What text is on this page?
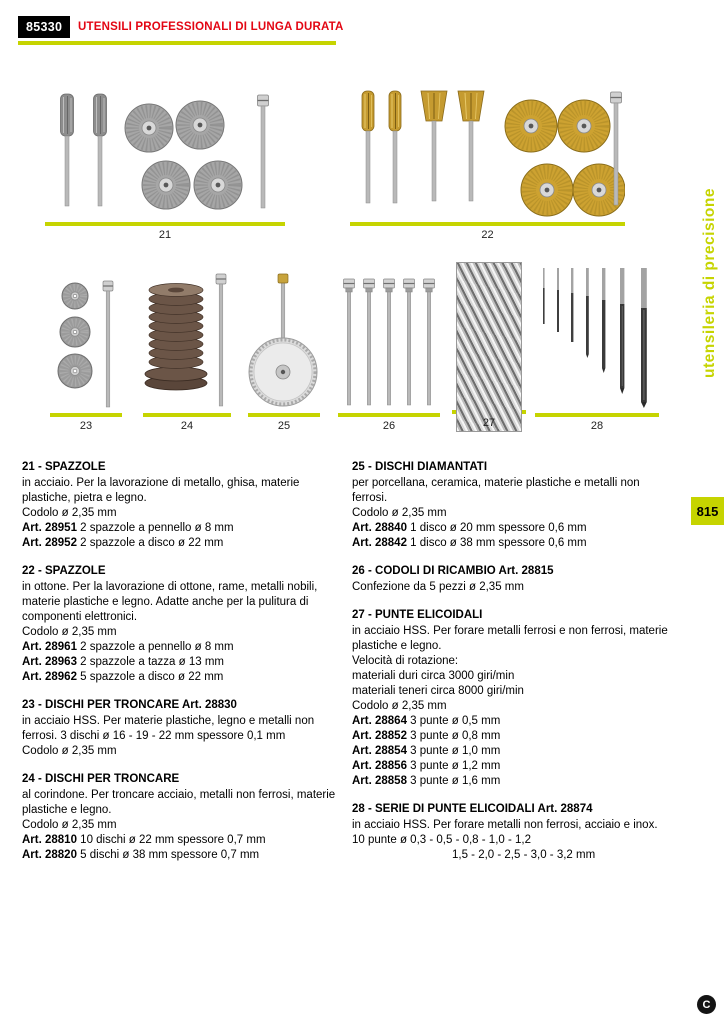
85330	UTENSILI PROFESSIONALI DI LUNGA DURATA
utensileria di precisione
815
21	22
23	24	25	26	27	28
21 - SPAZZOLE
in acciaio. Per la lavorazione di metallo, ghisa, materie plastiche, pietra e legno.
Codolo ø 2,35 mm
Art. 28951 2 spazzole a pennello ø 8 mm
Art. 28952 2 spazzole a disco ø 22 mm
22 - SPAZZOLE
in ottone. Per la lavorazione di ottone, rame, metalli nobili, materie plastiche e legno. Adatte anche per la pulitura di componenti elettronici.
Codolo ø 2,35 mm
Art. 28961 2 spazzole a pennello ø 8 mm
Art. 28963 2 spazzole a tazza ø 13 mm
Art. 28962 5 spazzole a disco ø 22 mm
23 - DISCHI PER TRONCARE Art. 28830
in acciaio HSS. Per materie plastiche, legno e metalli non ferrosi. 3 dischi ø 16 - 19 - 22 mm spessore 0,1 mm
Codolo ø 2,35 mm
24 - DISCHI PER TRONCARE
al corindone. Per troncare acciaio, metalli non ferrosi, materie plastiche e legno.
Codolo ø 2,35 mm
Art. 28810 10 dischi ø 22 mm spessore 0,7 mm
Art. 28820 5 dischi ø 38 mm spessore 0,7 mm
25 - DISCHI DIAMANTATI
per porcellana, ceramica, materie plastiche e metalli non ferrosi.
Codolo ø 2,35 mm
Art. 28840 1 disco ø 20 mm spessore 0,6 mm
Art. 28842 1 disco ø 38 mm spessore 0,6 mm
26 - CODOLI DI RICAMBIO Art. 28815
Confezione da 5 pezzi ø 2,35 mm
27 - PUNTE ELICOIDALI
in acciaio HSS. Per forare metalli ferrosi e non ferrosi, materie plastiche e legno.
Velocità di rotazione:
materiali duri circa 3000 giri/min
materiali teneri circa 8000 giri/min
Codolo ø 2,35 mm
Art. 28864 3 punte ø 0,5 mm
Art. 28852 3 punte ø 0,8 mm
Art. 28854 3 punte ø 1,0 mm
Art. 28856 3 punte ø 1,2 mm
Art. 28858 3 punte ø 1,6 mm
28 - SERIE DI PUNTE ELICOIDALI Art. 28874
in acciaio HSS. Per forare metalli non ferrosi, acciaio e inox.
10 punte ø 0,3 - 0,5 - 0,8 - 1,0 - 1,2
1,5 - 2,0 - 2,5 - 3,0 - 3,2 mm
C
